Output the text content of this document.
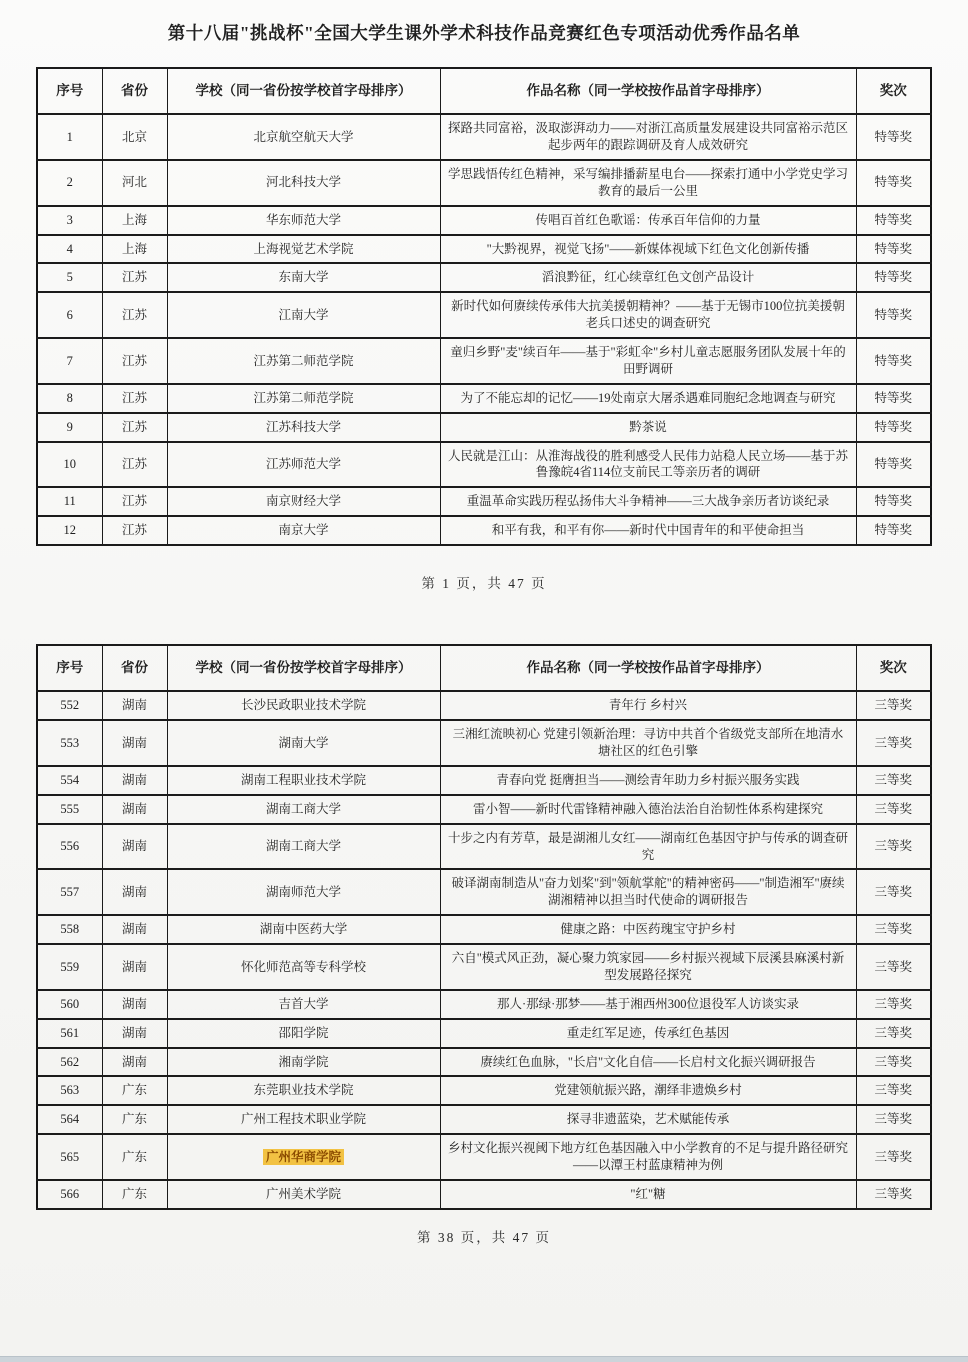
第十八届"挑战杯"全国大学生课外学术科技作品竞赛红色专项活动优秀作品名单
序号	省份	学校（同一省份按学校首字母排序）	作品名称（同一学校按作品首字母排序）	奖次
1	北京	北京航空航天大学	探路共同富裕，汲取澎湃动力——对浙江高质量发展建设共同富裕示范区起步两年的跟踪调研及育人成效研究	特等奖
2	河北	河北科技大学	学思践悟传红色精神，采写编排播薪星电台——探索打通中小学党史学习教育的最后一公里	特等奖
3	上海	华东师范大学	传唱百首红色歌谣：传承百年信仰的力量	特等奖
4	上海	上海视觉艺术学院	"大黔视界，视觉飞扬"——新媒体视域下红色文化创新传播	特等奖
5	江苏	东南大学	滔浪黔征，红心续章红色文创产品设计	特等奖
6	江苏	江南大学	新时代如何赓续传承伟大抗美援朝精神？——基于无锡市100位抗美援朝老兵口述史的调查研究	特等奖
7	江苏	江苏第二师范学院	童归乡野"麦"续百年——基于"彩虹伞"乡村儿童志愿服务团队发展十年的田野调研	特等奖
8	江苏	江苏第二师范学院	为了不能忘却的记忆——19处南京大屠杀遇难同胞纪念地调查与研究	特等奖
9	江苏	江苏科技大学	黔茶说	特等奖
10	江苏	江苏师范大学	人民就是江山：从淮海战役的胜利感受人民伟力站稳人民立场——基于苏鲁豫皖4省114位支前民工等亲历者的调研	特等奖
11	江苏	南京财经大学	重温革命实践历程弘扬伟大斗争精神——三大战争亲历者访谈纪录	特等奖
12	江苏	南京大学	和平有我，和平有你——新时代中国青年的和平使命担当	特等奖
第 1 页，共 47 页
序号	省份	学校（同一省份按学校首字母排序）	作品名称（同一学校按作品首字母排序）	奖次
552	湖南	长沙民政职业技术学院	青年行 乡村兴	三等奖
553	湖南	湖南大学	三湘红流映初心 党建引领新治理：寻访中共首个省级党支部所在地清水塘社区的红色引擎	三等奖
554	湖南	湖南工程职业技术学院	青春向党 挺膺担当——测绘青年助力乡村振兴服务实践	三等奖
555	湖南	湖南工商大学	雷小智——新时代雷锋精神融入德治法治自治韧性体系构建探究	三等奖
556	湖南	湖南工商大学	十步之内有芳草，最是湖湘儿女红——湖南红色基因守护与传承的调查研究	三等奖
557	湖南	湖南师范大学	破译湖南制造从"奋力划桨"到"领航掌舵"的精神密码——"制造湘军"赓续湖湘精神以担当时代使命的调研报告	三等奖
558	湖南	湖南中医药大学	健康之路：中医药瑰宝守护乡村	三等奖
559	湖南	怀化师范高等专科学校	六自"模式风正劲，凝心聚力筑家园——乡村振兴视域下辰溪县麻溪村新型发展路径探究	三等奖
560	湖南	吉首大学	那人·那绿·那梦——基于湘西州300位退役军人访谈实录	三等奖
561	湖南	邵阳学院	重走红军足迹，传承红色基因	三等奖
562	湖南	湘南学院	赓续红色血脉，"长启"文化自信——长启村文化振兴调研报告	三等奖
563	广东	东莞职业技术学院	党建领航振兴路，潮绎非遗焕乡村	三等奖
564	广东	广州工程技术职业学院	探寻非遗蓝染，艺术赋能传承	三等奖
565	广东	广州华商学院	乡村文化振兴视阈下地方红色基因融入中小学教育的不足与提升路径研究——以潭王村蓝康精神为例	三等奖
566	广东	广州美术学院	"红"糖	三等奖
第 38 页，共 47 页
